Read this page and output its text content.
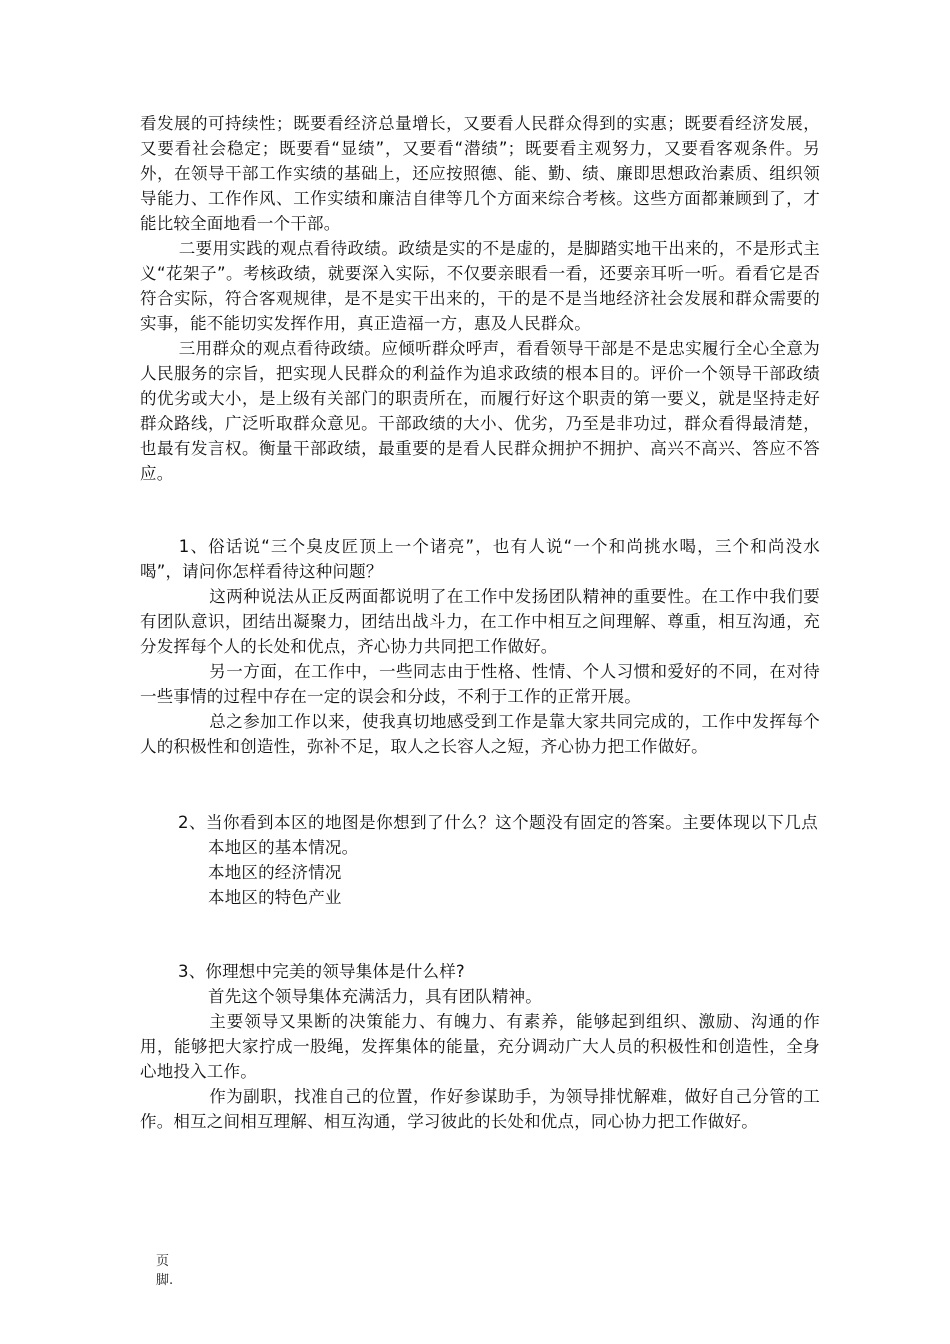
看发展的可持续性；既要看经济总量增长，又要看人民群众得到的实惠；既要看经济发展，又要看社会稳定；既要看“显绩”，又要看“潜绩”；既要看主观努力，又要看客观条件。另外，在领导干部工作实绩的基础上，还应按照德、能、勤、绩、廉即思想政治素质、组织领导能力、工作作风、工作实绩和廉洁自律等几个方面来综合考核。这些方面都兼顾到了，才能比较全面地看一个干部。

二要用实践的观点看待政绩。政绩是实的不是虚的，是脚踏实地干出来的，不是形式主义“花架子”。考核政绩，就要深入实际，不仅要亲眼看一看，还要亲耳听一听。看看它是否符合实际，符合客观规律，是不是实干出来的，干的是不是当地经济社会发展和群众需要的实事，能不能切实发挥作用，真正造福一方，惠及人民群众。

三用群众的观点看待政绩。应倾听群众呼声，看看领导干部是不是忠实履行全心全意为人民服务的宗旨，把实现人民群众的利益作为追求政绩的根本目的。评价一个领导干部政绩的优劣或大小，是上级有关部门的职责所在，而履行好这个职责的第一要义，就是坚持走好群众路线，广泛听取群众意见。干部政绩的大小、优劣，乃至是非功过，群众看得最清楚，也最有发言权。衡量干部政绩，最重要的是看人民群众拥护不拥护、高兴不高兴、答应不答应。

1、俗话说“三个臭皮匠顶上一个诸亮”，也有人说“一个和尚挑水喝，三个和尚没水喝”，请问你怎样看待这种问题？

这两种说法从正反两面都说明了在工作中发扬团队精神的重要性。在工作中我们要有团队意识，团结出凝聚力，团结出战斗力，在工作中相互之间理解、尊重，相互沟通，充分发挥每个人的长处和优点，齐心协力共同把工作做好。

另一方面，在工作中，一些同志由于性格、性情、个人习惯和爱好的不同，在对待一些事情的过程中存在一定的误会和分歧，不利于工作的正常开展。

总之参加工作以来，使我真切地感受到工作是靠大家共同完成的，工作中发挥每个人的积极性和创造性，弥补不足，取人之长容人之短，齐心协力把工作做好。

2、当你看到本区的地图是你想到了什么？这个题没有固定的答案。主要体现以下几点本地区的基本情况。

本地区的经济情况

本地区的特色产业

3、你理想中完美的领导集体是什么样?

首先这个领导集体充满活力，具有团队精神。

主要领导又果断的决策能力、有魄力、有素养，能够起到组织、激励、沟通的作用，能够把大家拧成一股绳，发挥集体的能量，充分调动广大人员的积极性和创造性，全身心地投入工作。

作为副职，找准自己的位置，作好参谋助手，为领导排忧解难，做好自己分管的工作。相互之间相互理解、相互沟通，学习彼此的长处和优点，同心协力把工作做好。

页
脚.
